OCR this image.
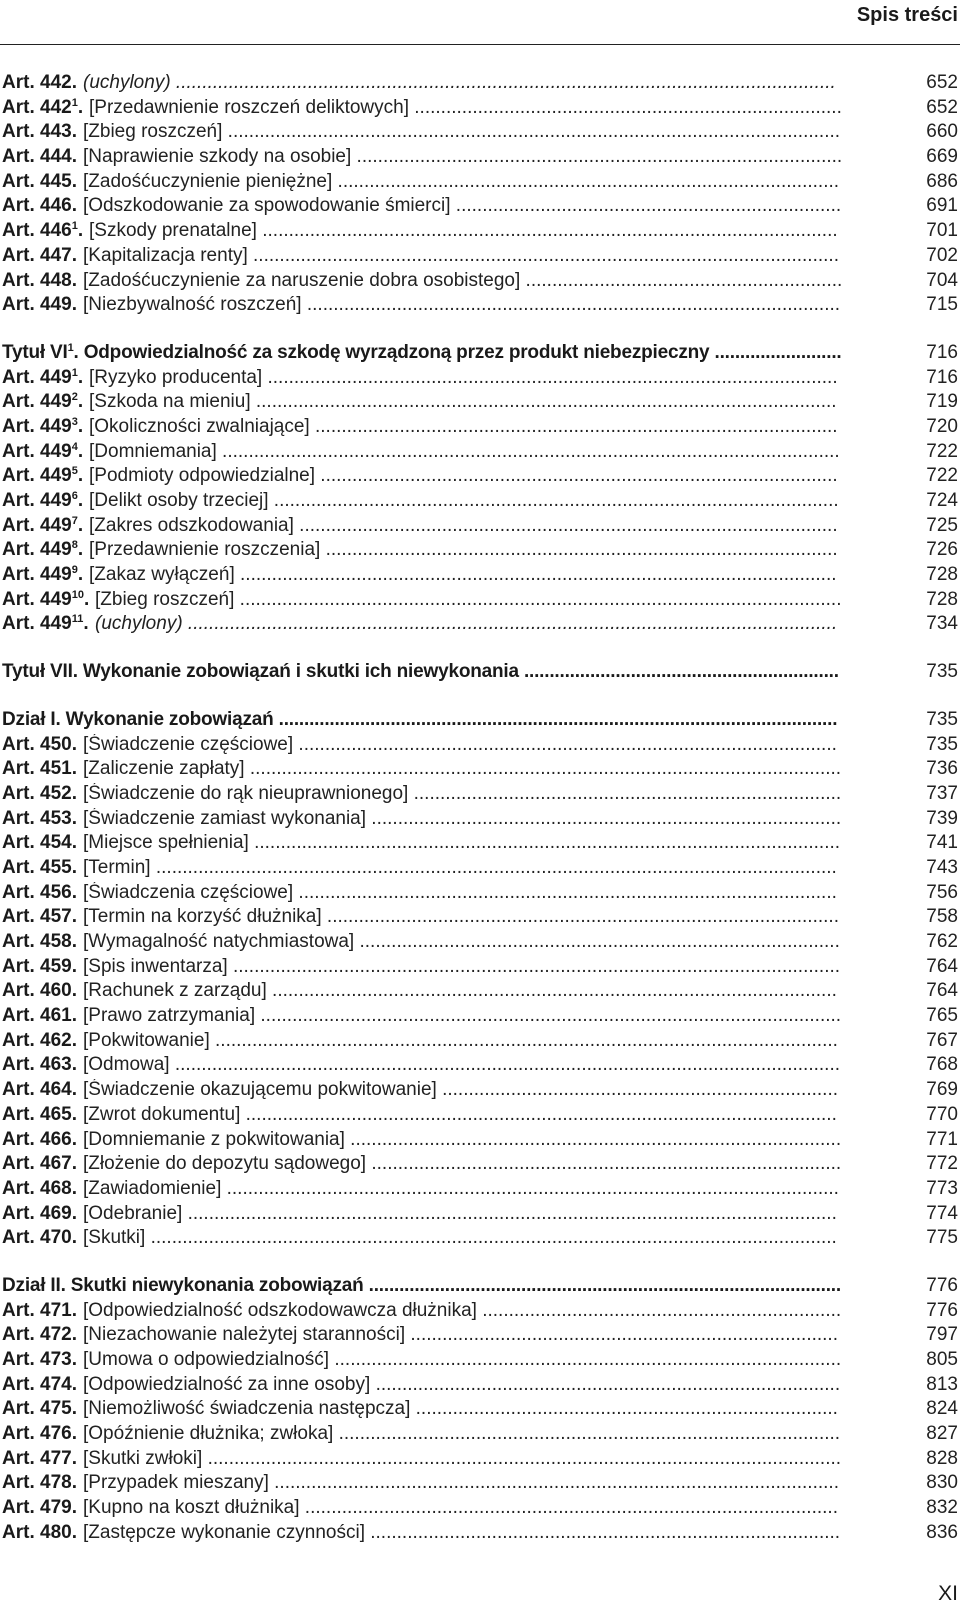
Spis treści
Art. 442. (uchylony) .............................................................................................................................	652
Art. $442^1$. [Przedawnienie roszczeń deliktowych] .................................................................................	652
Art. 443. [Zbieg roszczeń] ....................................................................................................................	660
Art. 444. [Naprawienie szkody na osobie] ............................................................................................	669
Art. 445. [Zadośćuczynienie pieniężne] ...............................................................................................	686
Art. 446. [Odszkodowanie za spowodowanie śmierci] .........................................................................	691
Art. $446^1$. [Szkody prenatalne] .............................................................................................................	701
Art. 447. [Kapitalizacja renty] ...............................................................................................................	702
Art. 448. [Zadośćuczynienie za naruszenie dobra osobistego] ............................................................	704
Art. 449. [Niezbywalność roszczeń] .....................................................................................................	715
Tytuł $VI^1$. Odpowiedzialność za szkodę wyrządzoną przez produkt niebezpieczny .........................	716
Art. $449^1$. [Ryzyko producenta] ............................................................................................................	716
Art. $449^2$. [Szkoda na mieniu] ..............................................................................................................	719
Art. $449^3$. [Okoliczności zwalniające] ...................................................................................................	720
Art. $449^4$. [Domniemania] .....................................................................................................................	722
Art. $449^5$. [Podmioty odpowiedzialne] ..................................................................................................	722
Art. $449^6$. [Delikt osoby trzeciej] ...........................................................................................................	724
Art. $449^7$. [Zakres odszkodowania] ......................................................................................................	725
Art. $449^8$. [Przedawnienie roszczenia] .................................................................................................	726
Art. $449^9$. [Zakaz wyłączeń] .................................................................................................................	728
Art. $449^{10}$. [Zbieg roszczeń] ..................................................................................................................	728
Art. $449^{11}$. (uchylony) ...........................................................................................................................	734
Tytuł VII. Wykonanie zobowiązań i skutki ich niewykonania ..............................................................	735
Dział I. Wykonanie zobowiązań ..............................................................................................................	735
Art. 450. [Świadczenie częściowe] ......................................................................................................	735
Art. 451. [Zaliczenie zapłaty] ................................................................................................................	736
Art. 452. [Świadczenie do rąk nieuprawnionego] .................................................................................	737
Art. 453. [Świadczenie zamiast wykonania] .........................................................................................	739
Art. 454. [Miejsce spełnienia] ...............................................................................................................	741
Art. 455. [Termin] .................................................................................................................................	743
Art. 456. [Świadczenia częściowe] ......................................................................................................	756
Art. 457. [Termin na korzyść dłużnika] .................................................................................................	758
Art. 458. [Wymagalność natychmiastowa] ...........................................................................................	762
Art. 459. [Spis inwentarza] ...................................................................................................................	764
Art. 460. [Rachunek z zarządu] ...........................................................................................................	764
Art. 461. [Prawo zatrzymania] ..............................................................................................................	765
Art. 462. [Pokwitowanie] ......................................................................................................................	767
Art. 463. [Odmowa] ..............................................................................................................................	768
Art. 464. [Świadczenie okazującemu pokwitowanie] ...........................................................................	769
Art. 465. [Zwrot dokumentu] ................................................................................................................	770
Art. 466. [Domniemanie z pokwitowania] .............................................................................................	771
Art. 467. [Złożenie do depozytu sądowego] .........................................................................................	772
Art. 468. [Zawiadomienie] ....................................................................................................................	773
Art. 469. [Odebranie] ...........................................................................................................................	774
Art. 470. [Skutki] ..................................................................................................................................	775
Dział II. Skutki niewykonania zobowiązań .............................................................................................	776
Art. 471. [Odpowiedzialność odszkodowawcza dłużnika] ....................................................................	776
Art. 472. [Niezachowanie należytej staranności] .................................................................................	797
Art. 473. [Umowa o odpowiedzialność] ................................................................................................	805
Art. 474. [Odpowiedzialność za inne osoby] ........................................................................................	813
Art. 475. [Niemożliwość świadczenia następcza] ................................................................................	824
Art. 476. [Opóźnienie dłużnika; zwłoka] ...............................................................................................	827
Art. 477. [Skutki zwłoki] ........................................................................................................................	828
Art. 478. [Przypadek mieszany] ...........................................................................................................	830
Art. 479. [Kupno na koszt dłużnika] .....................................................................................................	832
Art. 480. [Zastępcze wykonanie czynności] .........................................................................................	836
XI
